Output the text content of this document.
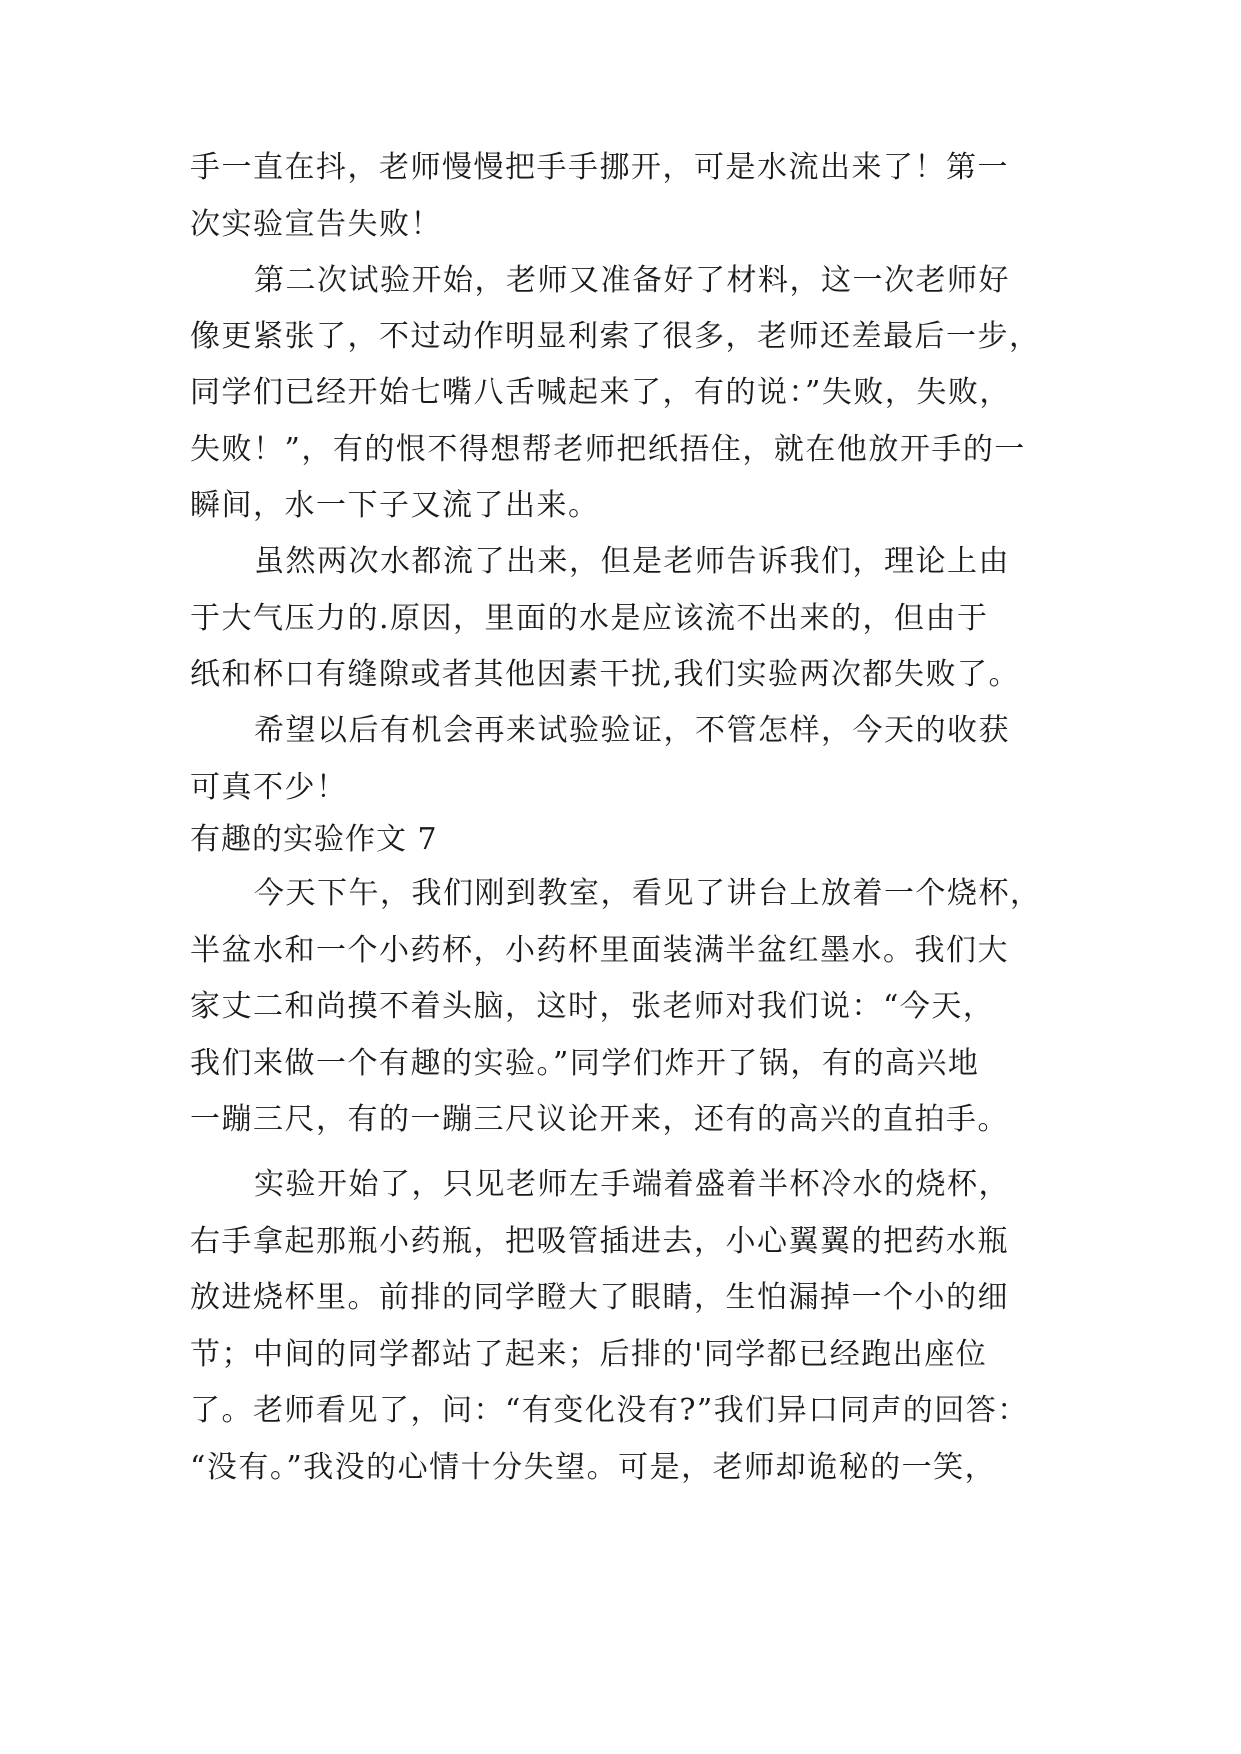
手一直在抖，老师慢慢把手手挪开，可是水流出来了！第一
次实验宣告失败！
第二次试验开始，老师又准备好了材料，这一次老师好
像更紧张了，不过动作明显利索了很多，老师还差最后一步，
同学们已经开始七嘴八舌喊起来了，有的说：”失败，失败，
失败！”，有的恨不得想帮老师把纸捂住，就在他放开手的一
瞬间，水一下子又流了出来。
虽然两次水都流了出来，但是老师告诉我们，理论上由
于大气压力的.原因，里面的水是应该流不出来的，但由于
纸和杯口有缝隙或者其他因素干扰,我们实验两次都失败了。
希望以后有机会再来试验验证，不管怎样，今天的收获
可真不少！
有趣的实验作文 7
今天下午，我们刚到教室，看见了讲台上放着一个烧杯，
半盆水和一个小药杯，小药杯里面装满半盆红墨水。我们大
家丈二和尚摸不着头脑，这时，张老师对我们说：“今天，
我们来做一个有趣的实验。”同学们炸开了锅，有的高兴地
一蹦三尺，有的一蹦三尺议论开来，还有的高兴的直拍手。
实验开始了，只见老师左手端着盛着半杯冷水的烧杯，
右手拿起那瓶小药瓶，把吸管插进去，小心翼翼的把药水瓶
放进烧杯里。前排的同学瞪大了眼睛，生怕漏掉一个小的细
节；中间的同学都站了起来；后排的'同学都已经跑出座位
了。老师看见了，问：“有变化没有?”我们异口同声的回答：
“没有。”我没的心情十分失望。可是，老师却诡秘的一笑，
